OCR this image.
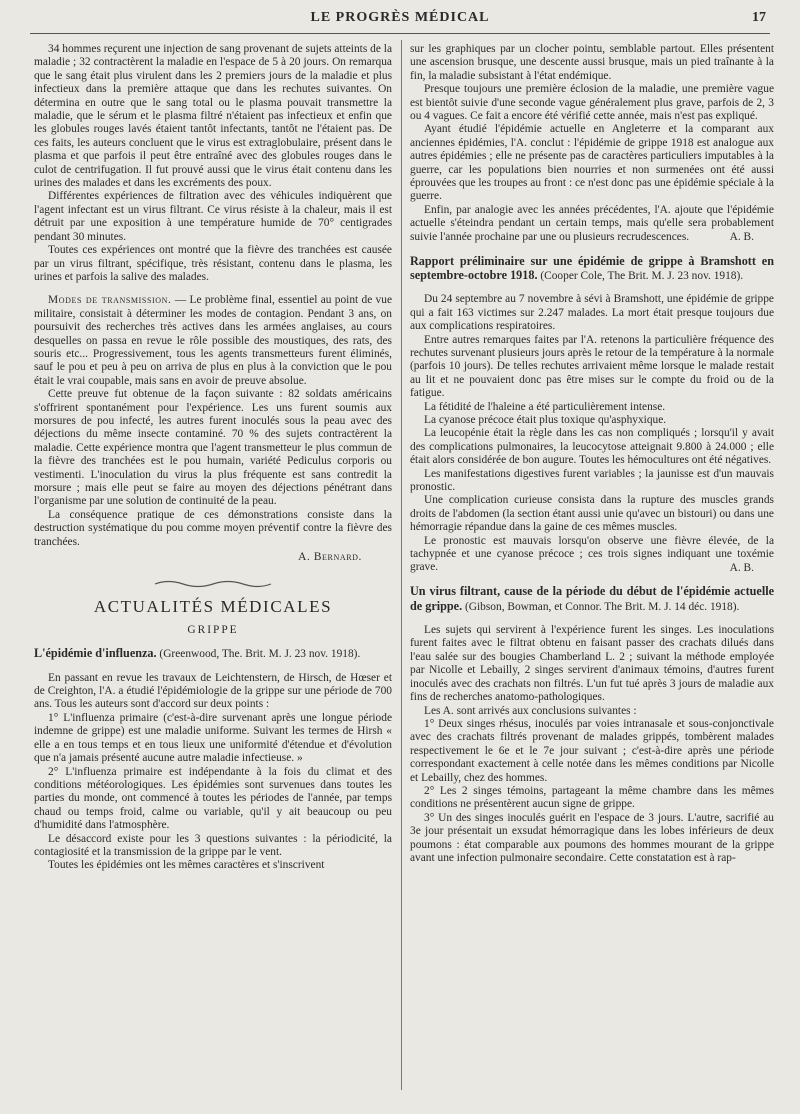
LE PROGRÈS MÉDICAL	17

34 hommes reçurent une injection de sang provenant de sujets atteints de la maladie ; 32 contractèrent la maladie en l'espace de 5 à 20 jours. On remarqua que le sang était plus virulent dans les 2 premiers jours de la maladie et plus infectieux dans la première attaque que dans les rechutes suivantes. On détermina en outre que le sang total ou le plasma pouvait transmettre la maladie, que le sérum et le plasma filtré n'étaient pas infectieux et enfin que les globules rouges lavés étaient tantôt infectants, tantôt ne l'étaient pas. De ces faits, les auteurs concluent que le virus est extraglobulaire, présent dans le plasma et que parfois il peut être entraîné avec des globules rouges dans le culot de centrifugation. Il fut prouvé aussi que le virus était contenu dans les urines des malades et dans les excréments des poux.

Différentes expériences de filtration avec des véhicules indiquèrent que l'agent infectant est un virus filtrant. Ce virus résiste à la chaleur, mais il est détruit par une exposition à une température humide de 70° centigrades pendant 30 minutes.

Toutes ces expériences ont montré que la fièvre des tranchées est causée par un virus filtrant, spécifique, très résistant, contenu dans le plasma, les urines et parfois la salive des malades.

Modes de transmission. — Le problème final, essentiel au point de vue militaire, consistait à déterminer les modes de contagion. Pendant 3 ans, on poursuivit des recherches très actives dans les armées anglaises, au cours desquelles on passa en revue le rôle possible des moustiques, des rats, des souris etc... Progressivement, tous les agents transmetteurs furent éliminés, sauf le pou et peu à peu on arriva de plus en plus à la conviction que le pou était le vrai coupable, mais sans en avoir de preuve absolue.

Cette preuve fut obtenue de la façon suivante : 82 soldats américains s'offrirent spontanément pour l'expérience. Les uns furent soumis aux morsures de pou infecté, les autres furent inoculés sous la peau avec des déjections du même insecte contaminé. 70 % des sujets contractèrent la maladie. Cette expérience montra que l'agent transmetteur le plus commun de la fièvre des tranchées est le pou humain, variété Pediculus corporis ou vestimenti. L'inoculation du virus la plus fréquente est sans contredit la morsure ; mais elle peut se faire au moyen des déjections pénétrant dans l'organisme par une solution de continuité de la peau.

La conséquence pratique de ces démonstrations consiste dans la destruction systématique du pou comme moyen préventif contre la fièvre des tranchées.

A. Bernard.

ACTUALITÉS MÉDICALES
GRIPPE

L'épidémie d'influenza. (Greenwood, The. Brit. M. J. 23 nov. 1918).

En passant en revue les travaux de Leichtenstern, de Hirsch, de Hœser et de Creighton, l'A. a étudié l'épidémiologie de la grippe sur une période de 700 ans. Tous les auteurs sont d'accord sur deux points :

1° L'influenza primaire (c'est-à-dire survenant après une longue période indemne de grippe) est une maladie uniforme. Suivant les termes de Hirsh « elle a en tous temps et en tous lieux une uniformité d'étendue et d'évolution que n'a jamais présenté aucune autre maladie infectieuse. »

2° L'influenza primaire est indépendante à la fois du climat et des conditions météorologiques. Les épidémies sont survenues dans toutes les parties du monde, ont commencé à toutes les périodes de l'année, par temps chaud ou temps froid, calme ou variable, qu'il y ait beaucoup ou peu d'humidité dans l'atmosphère.

Le désaccord existe pour les 3 questions suivantes : la périodicité, la contagiosité et la transmission de la grippe par le vent.

Toutes les épidémies ont les mêmes caractères et s'inscrivent

sur les graphiques par un clocher pointu, semblable partout. Elles présentent une ascension brusque, une descente aussi brusque, mais un pied traînante à la fin, la maladie subsistant à l'état endémique.

Presque toujours une première éclosion de la maladie, une première vague est bientôt suivie d'une seconde vague généralement plus grave, parfois de 2, 3 ou 4 vagues. Ce fait a encore été vérifié cette année, mais n'est pas expliqué.

Ayant étudié l'épidémie actuelle en Angleterre et la comparant aux anciennes épidémies, l'A. conclut : l'épidémie de grippe 1918 est analogue aux autres épidémies ; elle ne présente pas de caractères particuliers imputables à la guerre, car les populations bien nourries et non surmenées ont été aussi éprouvées que les troupes au front : ce n'est donc pas une épidémie spéciale à la guerre.

Enfin, par analogie avec les années précédentes, l'A. ajoute que l'épidémie actuelle s'éteindra pendant un certain temps, mais qu'elle sera probablement suivie l'année prochaine par une ou plusieurs recrudescences.	A. B.

Rapport préliminaire sur une épidémie de grippe à Bramshott en septembre-octobre 1918. (Cooper Cole, The Brit. M. J. 23 nov. 1918).

Du 24 septembre au 7 novembre à sévi à Bramshott, une épidémie de grippe qui a fait 163 victimes sur 2.247 malades. La mort était presque toujours due aux complications respiratoires.

Entre autres remarques faites par l'A. retenons la particulière fréquence des rechutes survenant plusieurs jours après le retour de la température à la normale (parfois 10 jours). De telles rechutes arrivaient même lorsque le malade restait au lit et ne pouvaient donc pas être mises sur le compte du froid ou de la fatigue.

La fétidité de l'haleine a été particulièrement intense.

La cyanose précoce était plus toxique qu'asphyxique.

La leucopénie était la règle dans les cas non compliqués ; lorsqu'il y avait des complications pulmonaires, la leucocytose atteignait 9.800 à 24.000 ; elle était alors considérée de bon augure. Toutes les hémocultures ont été négatives.

Les manifestations digestives furent variables ; la jaunisse est d'un mauvais pronostic.

Une complication curieuse consista dans la rupture des muscles grands droits de l'abdomen (la section étant aussi unie qu'avec un bistouri) ou dans une hémorragie répandue dans la gaine de ces mêmes muscles.

Le pronostic est mauvais lorsqu'on observe une fièvre élevée, de la tachypnée et une cyanose précoce ; ces trois signes indiquant une toxémie grave.	A. B.

Un virus filtrant, cause de la période du début de l'épidémie actuelle de grippe. (Gibson, Bowman, et Connor. The Brit. M. J. 14 déc. 1918).

Les sujets qui servirent à l'expérience furent les singes. Les inoculations furent faites avec le filtrat obtenu en faisant passer des crachats dilués dans l'eau salée sur des bougies Chamberland L. 2 ; suivant la méthode employée par Nicolle et Lebailly, 2 singes servirent d'animaux témoins, d'autres furent inoculés avec des crachats non filtrés. L'un fut tué après 3 jours de maladie aux fins de recherches anatomo-pathologiques.

Les A. sont arrivés aux conclusions suivantes :

1° Deux singes rhésus, inoculés par voies intranasale et sous-conjonctivale avec des crachats filtrés provenant de malades grippés, tombèrent malades respectivement le 6e et le 7e jour suivant ; c'est-à-dire après une période correspondant exactement à celle notée dans les mêmes conditions par Nicolle et Lebailly, chez des hommes.

2° Les 2 singes témoins, partageant la même chambre dans les mêmes conditions ne présentèrent aucun signe de grippe.

3° Un des singes inoculés guérit en l'espace de 3 jours. L'autre, sacrifié au 3e jour présentait un exsudat hémorragique dans les lobes inférieurs de deux poumons : état comparable aux poumons des hommes mourant de la grippe avant une infection pulmonaire secondaire. Cette constatation est à rap-
